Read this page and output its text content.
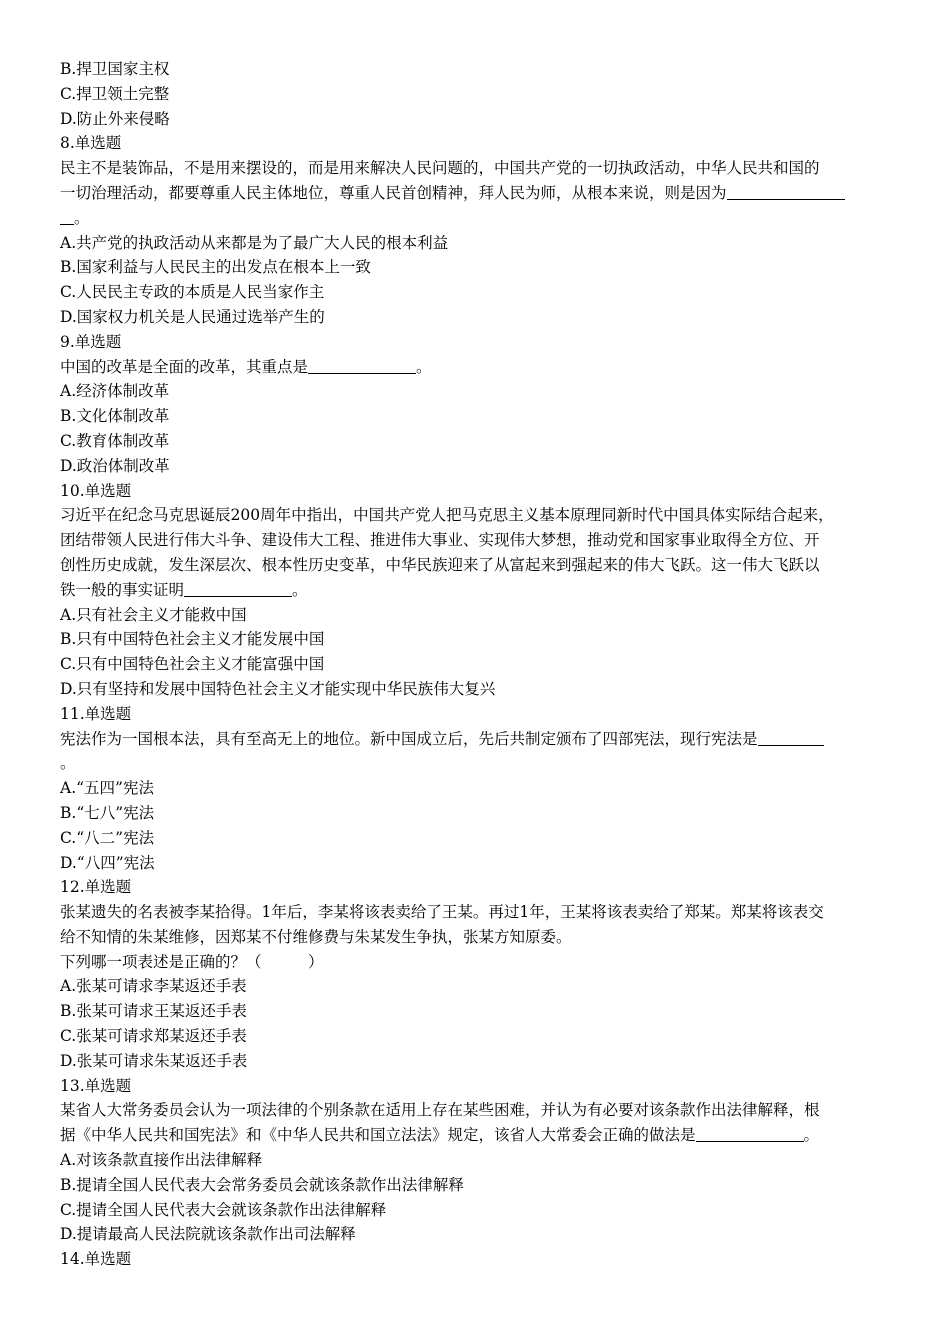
B.捍卫国家主权
C.捍卫领土完整
D.防止外来侵略
8.单选题
民主不是装饰品，不是用来摆设的，而是用来解决人民问题的，中国共产党的一切执政活动，中华人民共和国的
一切治理活动，都要尊重人民主体地位，尊重人民首创精神，拜人民为师，从根本来说，则是因为
。
A.共产党的执政活动从来都是为了最广大人民的根本利益
B.国家利益与人民民主的出发点在根本上一致
C.人民民主专政的本质是人民当家作主
D.国家权力机关是人民通过选举产生的
9.单选题
中国的改革是全面的改革，其重点是	。
A.经济体制改革
B.文化体制改革
C.教育体制改革
D.政治体制改革
10.单选题
习近平在纪念马克思诞辰200周年中指出，中国共产党人把马克思主义基本原理同新时代中国具体实际结合起来，
团结带领人民进行伟大斗争、建设伟大工程、推进伟大事业、实现伟大梦想，推动党和国家事业取得全方位、开
创性历史成就，发生深层次、根本性历史变革，中华民族迎来了从富起来到强起来的伟大飞跃。这一伟大飞跃以
铁一般的事实证明	。
A.只有社会主义才能救中国
B.只有中国特色社会主义才能发展中国
C.只有中国特色社会主义才能富强中国
D.只有坚持和发展中国特色社会主义才能实现中华民族伟大复兴
11.单选题
宪法作为一国根本法，具有至高无上的地位。新中国成立后，先后共制定颁布了四部宪法，现行宪法是
。
A.“五四”宪法
B.“七八”宪法
C.“八二”宪法
D.“八四”宪法
12.单选题
张某遗失的名表被李某拾得。1年后，李某将该表卖给了王某。再过1年，王某将该表卖给了郑某。郑某将该表交
给不知情的朱某维修，因郑某不付维修费与朱某发生争执，张某方知原委。
下列哪一项表述是正确的？（　　　）
A.张某可请求李某返还手表
B.张某可请求王某返还手表
C.张某可请求郑某返还手表
D.张某可请求朱某返还手表
13.单选题
某省人大常务委员会认为一项法律的个别条款在适用上存在某些困难，并认为有必要对该条款作出法律解释，根
据《中华人民共和国宪法》和《中华人民共和国立法法》规定，该省人大常委会正确的做法是	。
A.对该条款直接作出法律解释
B.提请全国人民代表大会常务委员会就该条款作出法律解释
C.提请全国人民代表大会就该条款作出法律解释
D.提请最高人民法院就该条款作出司法解释
14.单选题
